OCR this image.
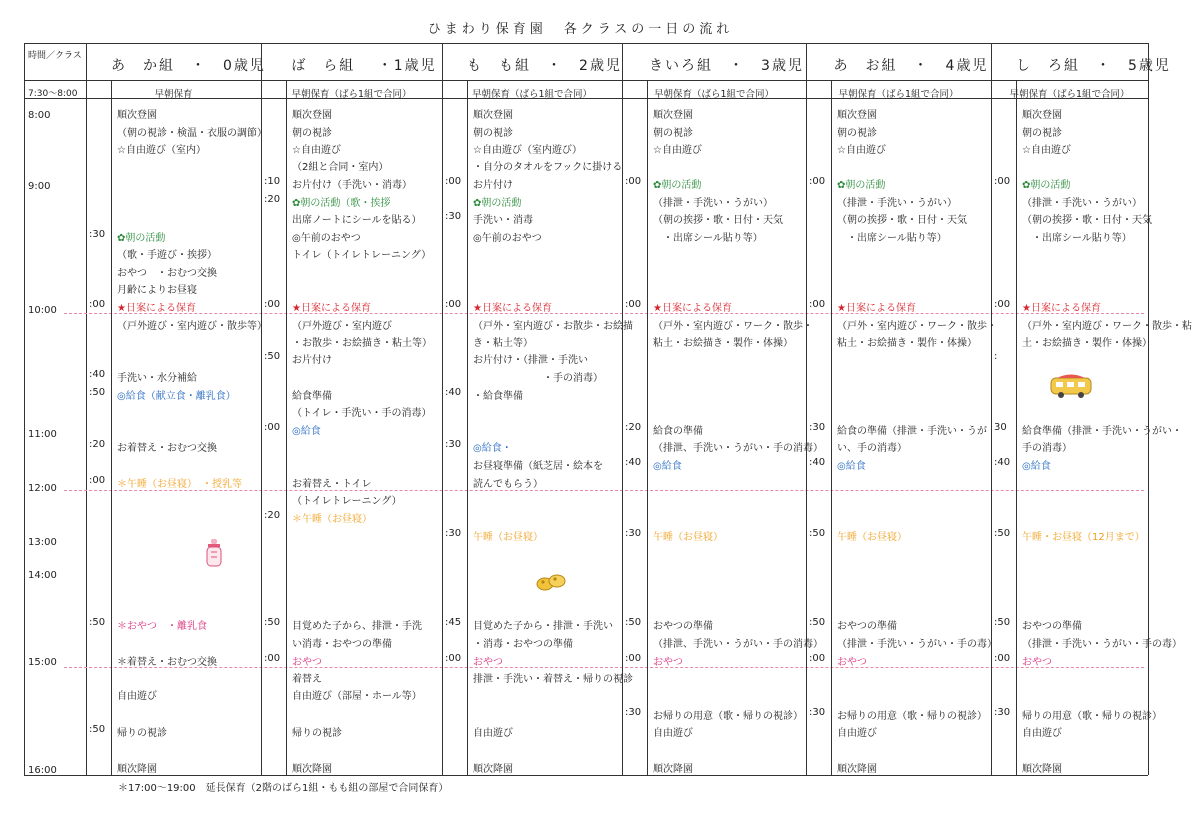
ひまわり保育園　各クラスの一日の流れ
時間／クラス
7:30〜8:00
あ　か組　・　0歳児
早朝保育
ば　ら組　 ・1歳児
早朝保育（ばら1組で合同）
も　も組　・　2歳児
早朝保育（ばら1組で合同）
きいろ組　・　3歳児
早朝保育（ばら1組で合同）
あ　お組　・　4歳児
早朝保育（ばら1組で合同）
し　ろ組　・　5歳児
早朝保育（ばら1組で合同）
8:00
9:00
10:00
11:00
12:00
13:00
14:00
15:00
16:00
順次登園
（朝の視診・検温・衣服の調節）
☆自由遊び（室内）
:30 ✿朝の活動
（歌・手遊び・挨拶）
おやつ　・おむつ交換
月齢によりお昼寝
:00 ★日案による保育
（戸外遊び・室内遊び・散歩等）
:40 手洗い・水分補給
:50 ◎給食（献立食・離乳食）
:20 お着替え・おむつ交換
:00 ＊午睡（お昼寝）　・授乳等
:50 ＊おやつ　・離乳食
＊着替え・おむつ交換
自由遊び
:50 帰りの視診
順次降園
順次登園
朝の視診
☆自由遊び
（2組と合同・室内）
:10 お片付け（手洗い・消毒）
:20 ✿朝の活動（歌・挨拶
出席ノートにシールを貼る）
◎午前のおやつ
トイレ（トイレトレーニング）
:00 ★日案による保育
（戸外遊び・室内遊び
・お散歩・お絵描き・粘土等）
:50 お片付け
給食準備
（トイレ・手洗い・手の消毒）
:00 ◎給食
お着替え・トイレ
（トイレトレーニング）
:20 ＊午睡（お昼寝）
:50 目覚めた子から、排泄・手洗
い消毒・おやつの準備
:00 おやつ
着替え
自由遊び（部屋・ホール等）
帰りの視診
順次降園
順次登園
朝の視診
☆自由遊び（室内遊び）
・自分のタオルをフックに掛ける
:00 お片付け
✿朝の活動
:30 手洗い・消毒
◎午前のおやつ
:00 ★日案による保育
（戸外・室内遊び・お散歩・お絵描
き・粘土等）
お片付け・（排泄・手洗い
　　　　　　　・手の消毒）
:40 ・給食準備
:30 ◎給食・
お昼寝準備（紙芝居・絵本を
読んでもらう）
:30 午睡（お昼寝）
:45 目覚めた子から・排泄・手洗い
・消毒・おやつの準備
:00 おやつ
排泄・手洗い・着替え・帰りの視診
自由遊び
順次降園
順次登園
朝の視診
☆自由遊び
:00 ✿朝の活動
（排泄・手洗い・うがい）
（朝の挨拶・歌・日付・天気
　・出席シール貼り等）
:00 ★日案による保育
（戸外・室内遊び・ワーク・散歩・
粘土・お絵描き・製作・体操）
:20 給食の準備
（排泄、手洗い・うがい・手の消毒）
:40 ◎給食
:30 午睡（お昼寝）
:50 おやつの準備
（排泄、手洗い・うがい・手の消毒）
:00 おやつ
:30 お帰りの用意（歌・帰りの視診）
自由遊び
順次降園
順次登園
朝の視診
☆自由遊び
:00 ✿朝の活動
（排泄・手洗い・うがい）
（朝の挨拶・歌・日付・天気
　・出席シール貼り等）
:00 ★日案による保育
（戸外・室内遊び・ワーク・散歩・
粘土・お絵描き・製作・体操）
:30 給食の準備（排泄・手洗い・うが
い、手の消毒）
:40 ◎給食
:50 午睡（お昼寝）
:50 おやつの準備
（排泄・手洗い・うがい・手の毒）
:00 おやつ
:30 お帰りの用意（歌・帰りの視診）
自由遊び
順次降園
順次登園
朝の視診
☆自由遊び
:00 ✿朝の活動
（排泄・手洗い・うがい）
（朝の挨拶・歌・日付・天気
　・出席シール貼り等）
:00 ★日案による保育
（戸外・室内遊び・ワーク・散歩・粘
土・お絵描き・製作・体操）
:
30 給食準備（排泄・手洗い・うがい・
手の消毒）
:40 ◎給食
:50 午睡・お昼寝（12月まで）
:50 おやつの準備
（排泄・手洗い・うがい・手の毒）
:00 おやつ
:30 帰りの用意（歌・帰りの視診）
自由遊び
順次降園
＊17:00〜19:00　延長保育（2階のばら1組・もも組の部屋で合同保育）
